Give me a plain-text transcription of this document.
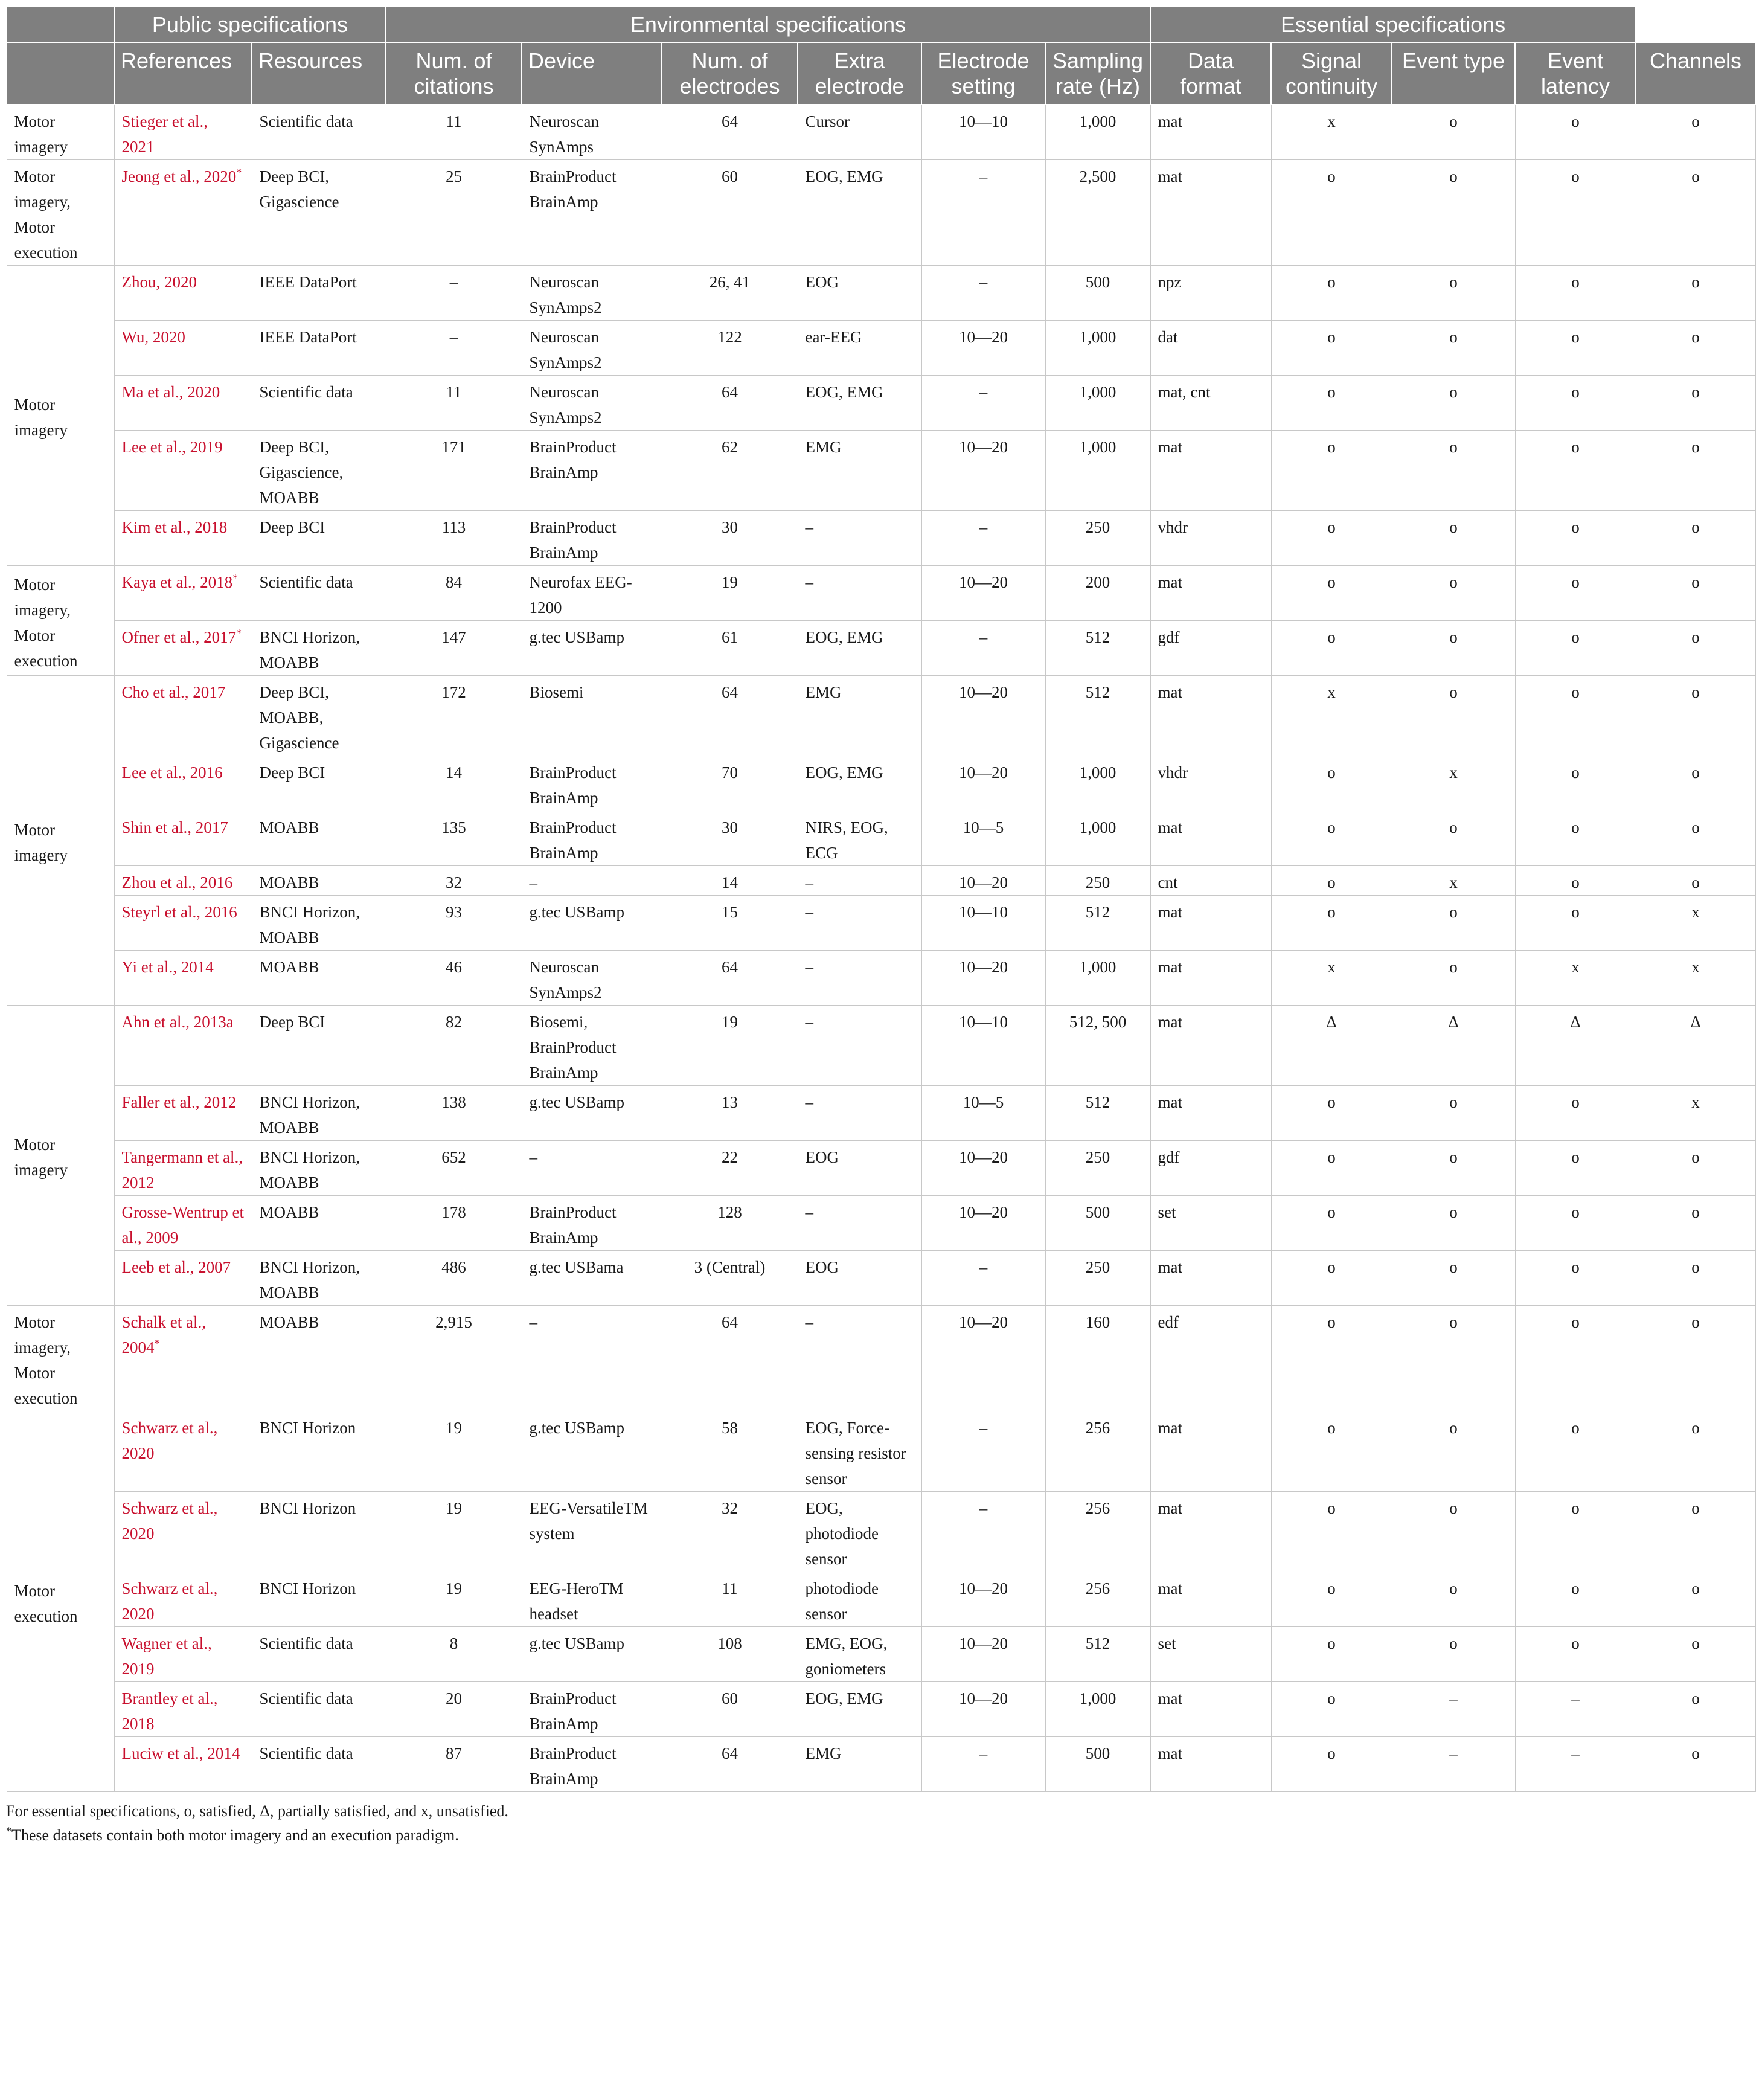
	Public specifications		Environmental specifications						Essential specifications				
	References	Resources	Num. of citations	Device	Num. of electrodes	Extra electrode	Electrode setting	Sampling rate (Hz)	Data format	Signal continuity	Event type	Event latency	Channels
Motor imagery	Stieger et al., 2021	Scientific data	11	Neuroscan SynAmps	64	Cursor	10—10	1,000	mat	x	o	o	o
Motor imagery, Motor execution	Jeong et al., 2020*	Deep BCI, Gigascience	25	BrainProduct BrainAmp	60	EOG, EMG	–	2,500	mat	o	o	o	o
Motor imagery	Zhou, 2020	IEEE DataPort	–	Neuroscan SynAmps2	26, 41	EOG	–	500	npz	o	o	o	o
	Wu, 2020	IEEE DataPort	–	Neuroscan SynAmps2	122	ear-EEG	10—20	1,000	dat	o	o	o	o
	Ma et al., 2020	Scientific data	11	Neuroscan SynAmps2	64	EOG, EMG	–	1,000	mat, cnt	o	o	o	o
	Lee et al., 2019	Deep BCI, Gigascience, MOABB	171	BrainProduct BrainAmp	62	EMG	10—20	1,000	mat	o	o	o	o
	Kim et al., 2018	Deep BCI	113	BrainProduct BrainAmp	30	–	–	250	vhdr	o	o	o	o
Motor imagery, Motor execution	Kaya et al., 2018*	Scientific data	84	Neurofax EEG-1200	19	–	10—20	200	mat	o	o	o	o
	Ofner et al., 2017*	BNCI Horizon, MOABB	147	g.tec USBamp	61	EOG, EMG	–	512	gdf	o	o	o	o
Motor imagery	Cho et al., 2017	Deep BCI, MOABB, Gigascience	172	Biosemi	64	EMG	10—20	512	mat	x	o	o	o
	Lee et al., 2016	Deep BCI	14	BrainProduct BrainAmp	70	EOG, EMG	10—20	1,000	vhdr	o	x	o	o
	Shin et al., 2017	MOABB	135	BrainProduct BrainAmp	30	NIRS, EOG, ECG	10—5	1,000	mat	o	o	o	o
	Zhou et al., 2016	MOABB	32	–	14	–	10—20	250	cnt	o	x	o	o
	Steyrl et al., 2016	BNCI Horizon, MOABB	93	g.tec USBamp	15	–	10—10	512	mat	o	o	o	x
	Yi et al., 2014	MOABB	46	Neuroscan SynAmps2	64	–	10—20	1,000	mat	x	o	x	x
Motor imagery	Ahn et al., 2013a	Deep BCI	82	Biosemi, BrainProduct BrainAmp	19	–	10—10	512, 500	mat	Δ	Δ	Δ	Δ
	Faller et al., 2012	BNCI Horizon, MOABB	138	g.tec USBamp	13	–	10—5	512	mat	o	o	o	x
	Tangermann et al., 2012	BNCI Horizon, MOABB	652	–	22	EOG	10—20	250	gdf	o	o	o	o
	Grosse-Wentrup et al., 2009	MOABB	178	BrainProduct BrainAmp	128	–	10—20	500	set	o	o	o	o
	Leeb et al., 2007	BNCI Horizon, MOABB	486	g.tec USBama	3 (Central)	EOG	–	250	mat	o	o	o	o
Motor imagery, Motor execution	Schalk et al., 2004*	MOABB	2,915	–	64	–	10—20	160	edf	o	o	o	o
Motor execution	Schwarz et al., 2020	BNCI Horizon	19	g.tec USBamp	58	EOG, Force-sensing resistor sensor	–	256	mat	o	o	o	o
	Schwarz et al., 2020	BNCI Horizon	19	EEG-VersatileTM system	32	EOG, photodiode sensor	–	256	mat	o	o	o	o
	Schwarz et al., 2020	BNCI Horizon	19	EEG-HeroTM headset	11	photodiode sensor	10—20	256	mat	o	o	o	o
	Wagner et al., 2019	Scientific data	8	g.tec USBamp	108	EMG, EOG, goniometers	10—20	512	set	o	o	o	o
	Brantley et al., 2018	Scientific data	20	BrainProduct BrainAmp	60	EOG, EMG	10—20	1,000	mat	o	–	–	o
	Luciw et al., 2014	Scientific data	87	BrainProduct BrainAmp	64	EMG	–	500	mat	o	–	–	o
For essential specifications, o, satisfied, Δ, partially satisfied, and x, unsatisfied.
*These datasets contain both motor imagery and an execution paradigm.
